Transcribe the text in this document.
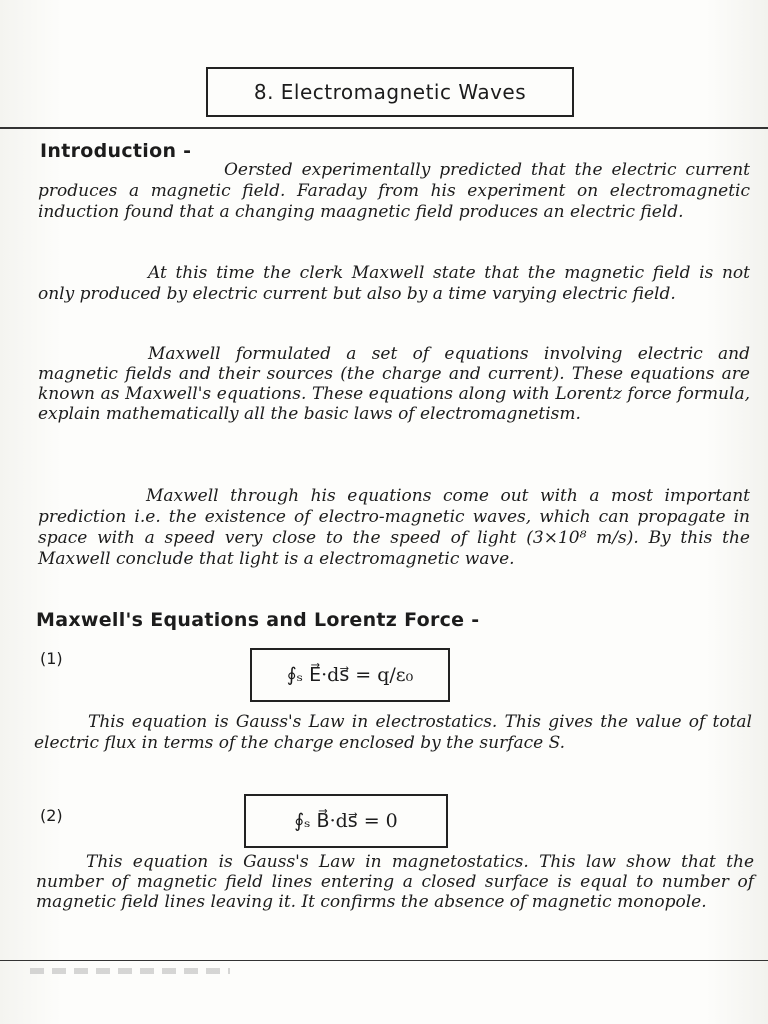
8. Electromagnetic Waves
Introduction -

Oersted experimentally predicted that the electric current produces a magnetic field. Faraday from his experiment on electromagnetic induction found that a changing maagnetic field produces an electric field.

At this time the clerk Maxwell state that the magnetic field is not only produced by electric current but also by a time varying electric field.

Maxwell formulated a set of equations involving electric and magnetic fields and their sources (the charge and current). These equations are known as Maxwell's equations. These equations along with Lorentz force formula, explain mathematically all the basic laws of electromagnetism.

Maxwell through his equations come out with a most important prediction i.e. the existence of electro-magnetic waves, which can propagate in space with a speed very close to the speed of light (3×10⁸ m/s). By this the Maxwell conclude that light is a electromagnetic wave.

Maxwell's Equations and Lorentz Force -
(1)
∮ₛ E⃗·ds⃗ = q/ε₀

This equation is Gauss's Law in electrostatics. This gives the value of total electric flux in terms of the charge enclosed by the surface S.

(2)	∮ₛ B⃗·ds⃗ = 0

This equation is Gauss's Law in magnetostatics. This law show that the number of magnetic field lines entering a closed surface is equal to number of magnetic field lines leaving it. It confirms the absence of magnetic monopole.
